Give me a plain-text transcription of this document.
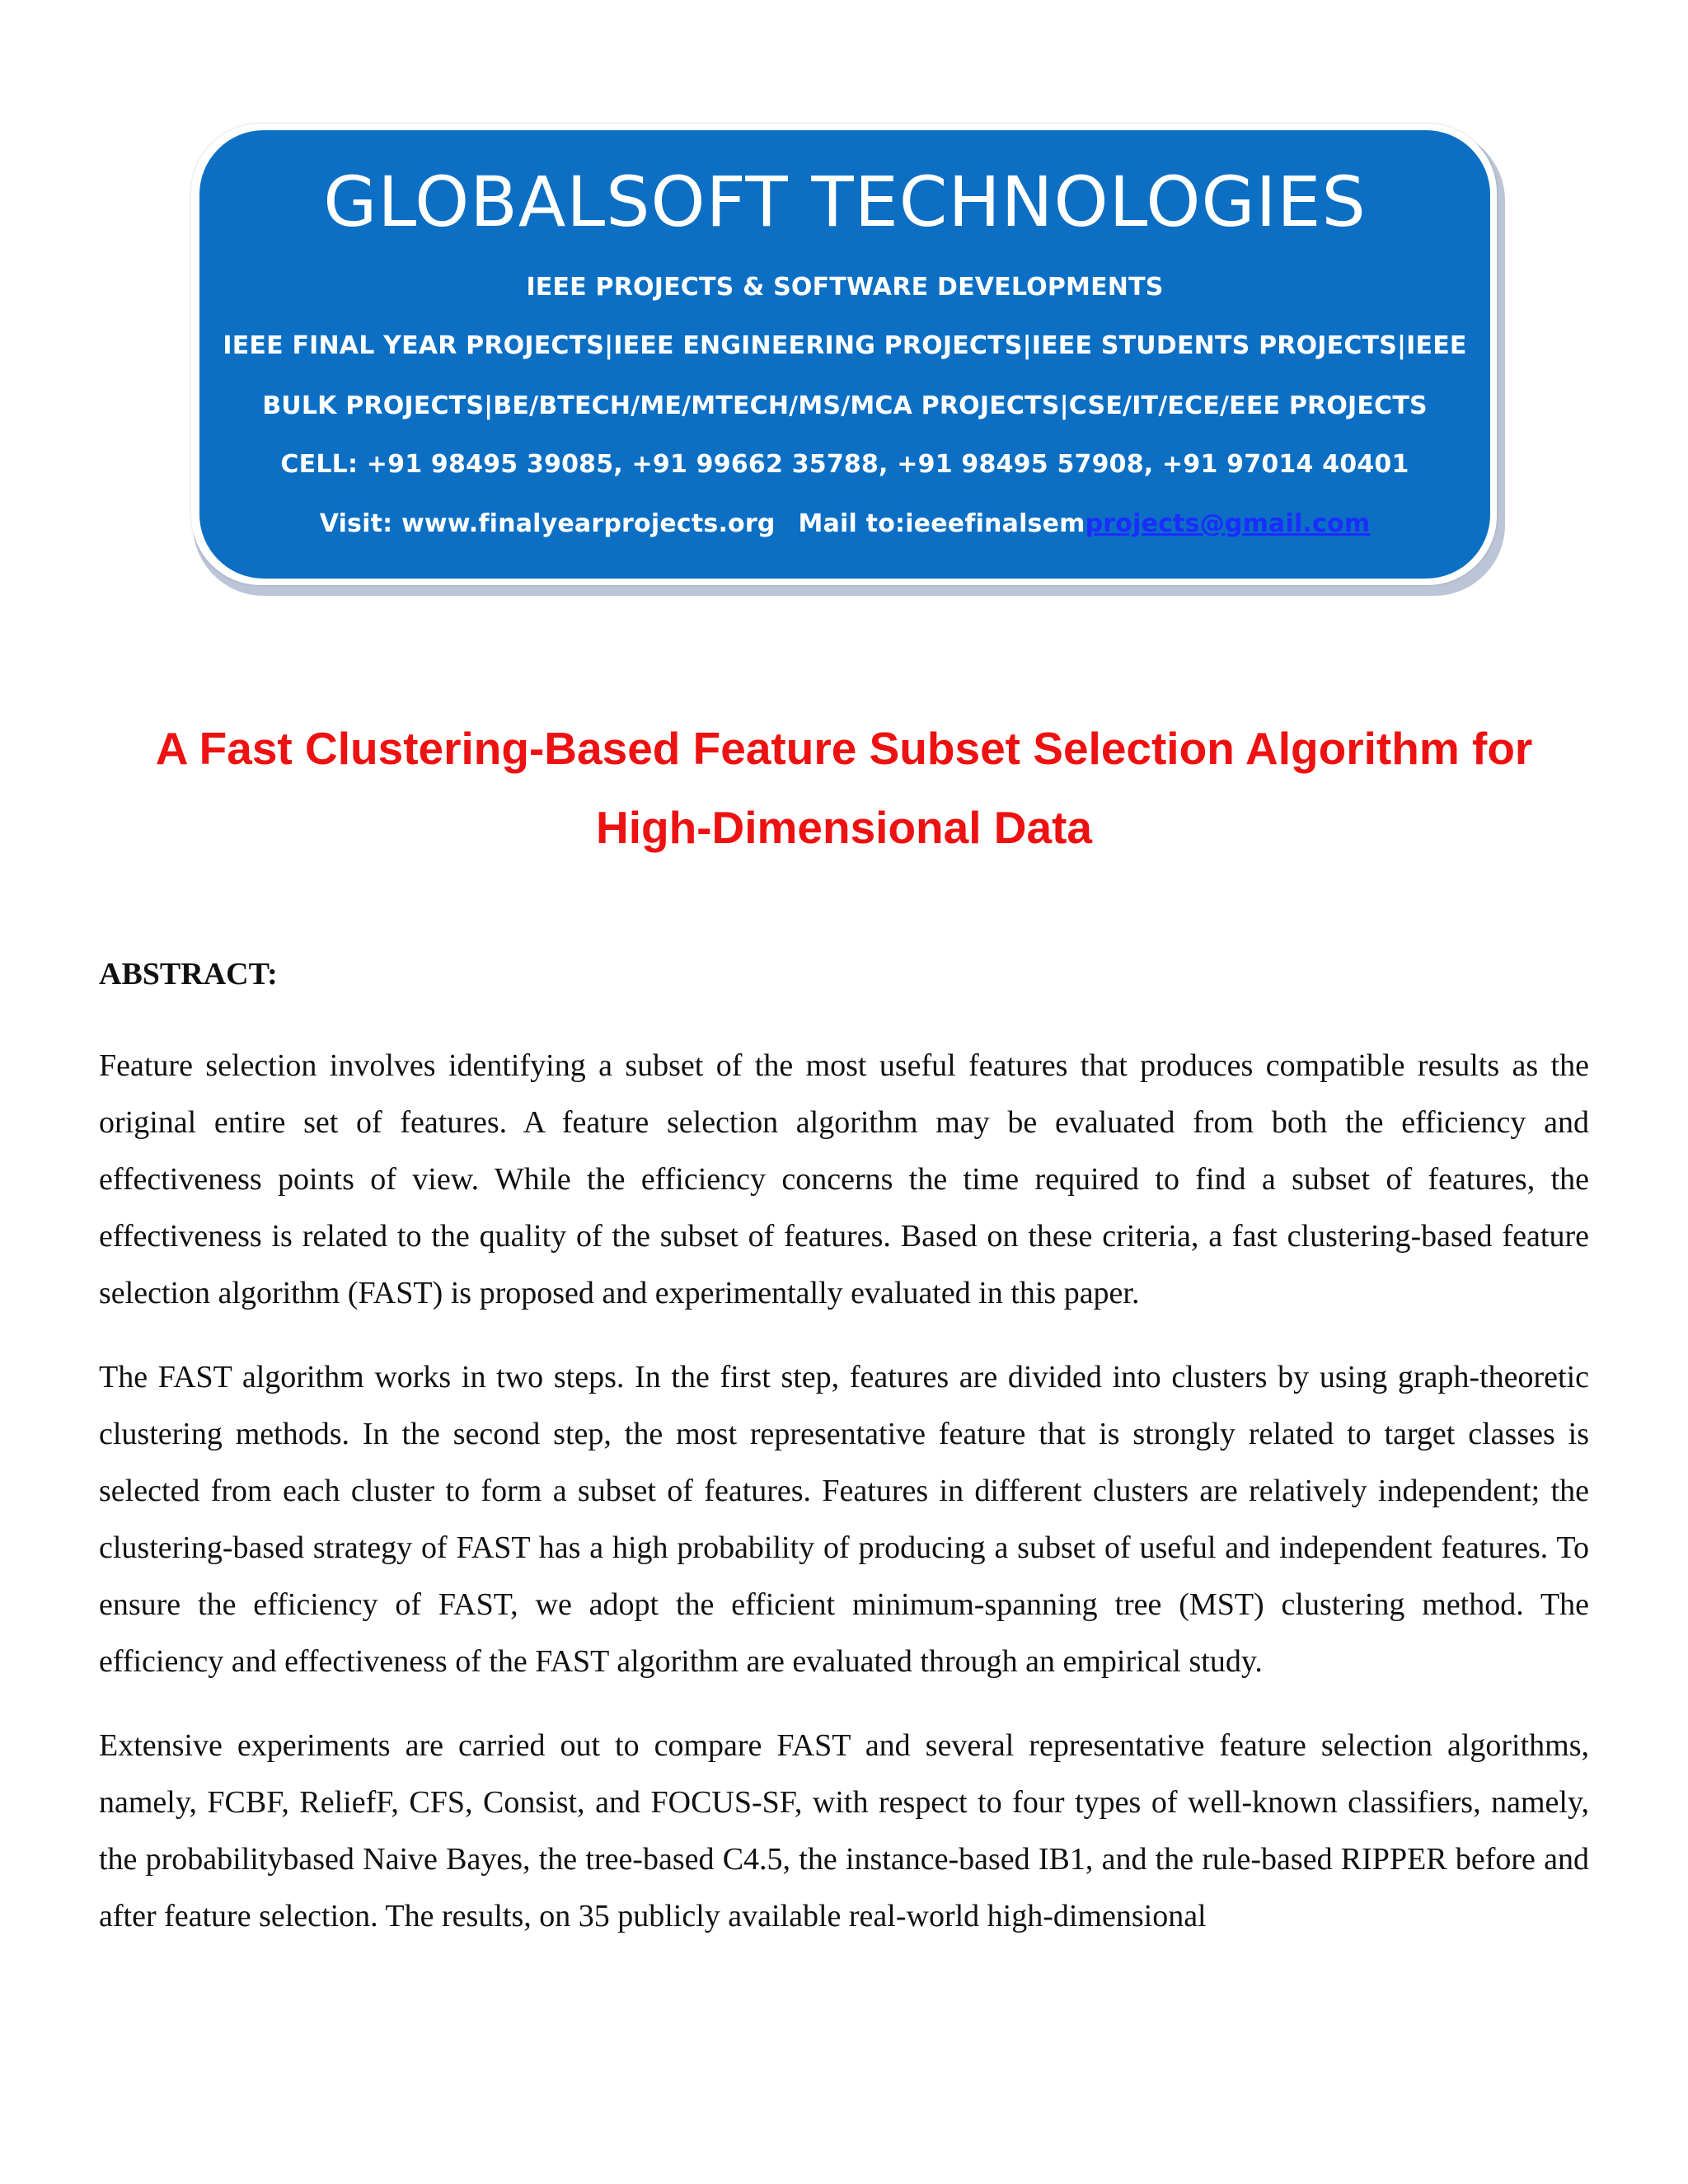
GLOBALSOFT TECHNOLOGIES
IEEE PROJECTS & SOFTWARE DEVELOPMENTS
IEEE FINAL YEAR PROJECTS|IEEE ENGINEERING PROJECTS|IEEE STUDENTS PROJECTS|IEEE
BULK PROJECTS|BE/BTECH/ME/MTECH/MS/MCA PROJECTS|CSE/IT/ECE/EEE PROJECTS
CELL: +91 98495 39085, +91 99662 35788, +91 98495 57908, +91 97014 40401
Visit: www.finalyearprojects.org Mail to:ieeefinalsemprojects@gmail.com
A Fast Clustering-Based Feature Subset Selection Algorithm for
High-Dimensional Data
ABSTRACT:

Feature selection involves identifying a subset of the most useful features that produces compatible results as the original entire set of features. A feature selection algorithm may be evaluated from both the efficiency and effectiveness points of view. While the efficiency concerns the time required to find a subset of features, the effectiveness is related to the quality of the subset of features. Based on these criteria, a fast clustering-based feature selection algorithm (FAST) is proposed and experimentally evaluated in this paper.

The FAST algorithm works in two steps. In the first step, features are divided into clusters by using graph-theoretic clustering methods. In the second step, the most representative feature that is strongly related to target classes is selected from each cluster to form a subset of features. Features in different clusters are relatively independent; the clustering-based strategy of FAST has a high probability of producing a subset of useful and independent features. To ensure the efficiency of FAST, we adopt the efficient minimum-spanning tree (MST) clustering method. The efficiency and effectiveness of the FAST algorithm are evaluated through an empirical study.

Extensive experiments are carried out to compare FAST and several representative feature selection algorithms, namely, FCBF, ReliefF, CFS, Consist, and FOCUS-SF, with respect to four types of well-known classifiers, namely, the probabilitybased Naive Bayes, the tree-based C4.5, the instance-based IB1, and the rule-based RIPPER before and after feature selection. The results, on 35 publicly available real-world high-dimensional
